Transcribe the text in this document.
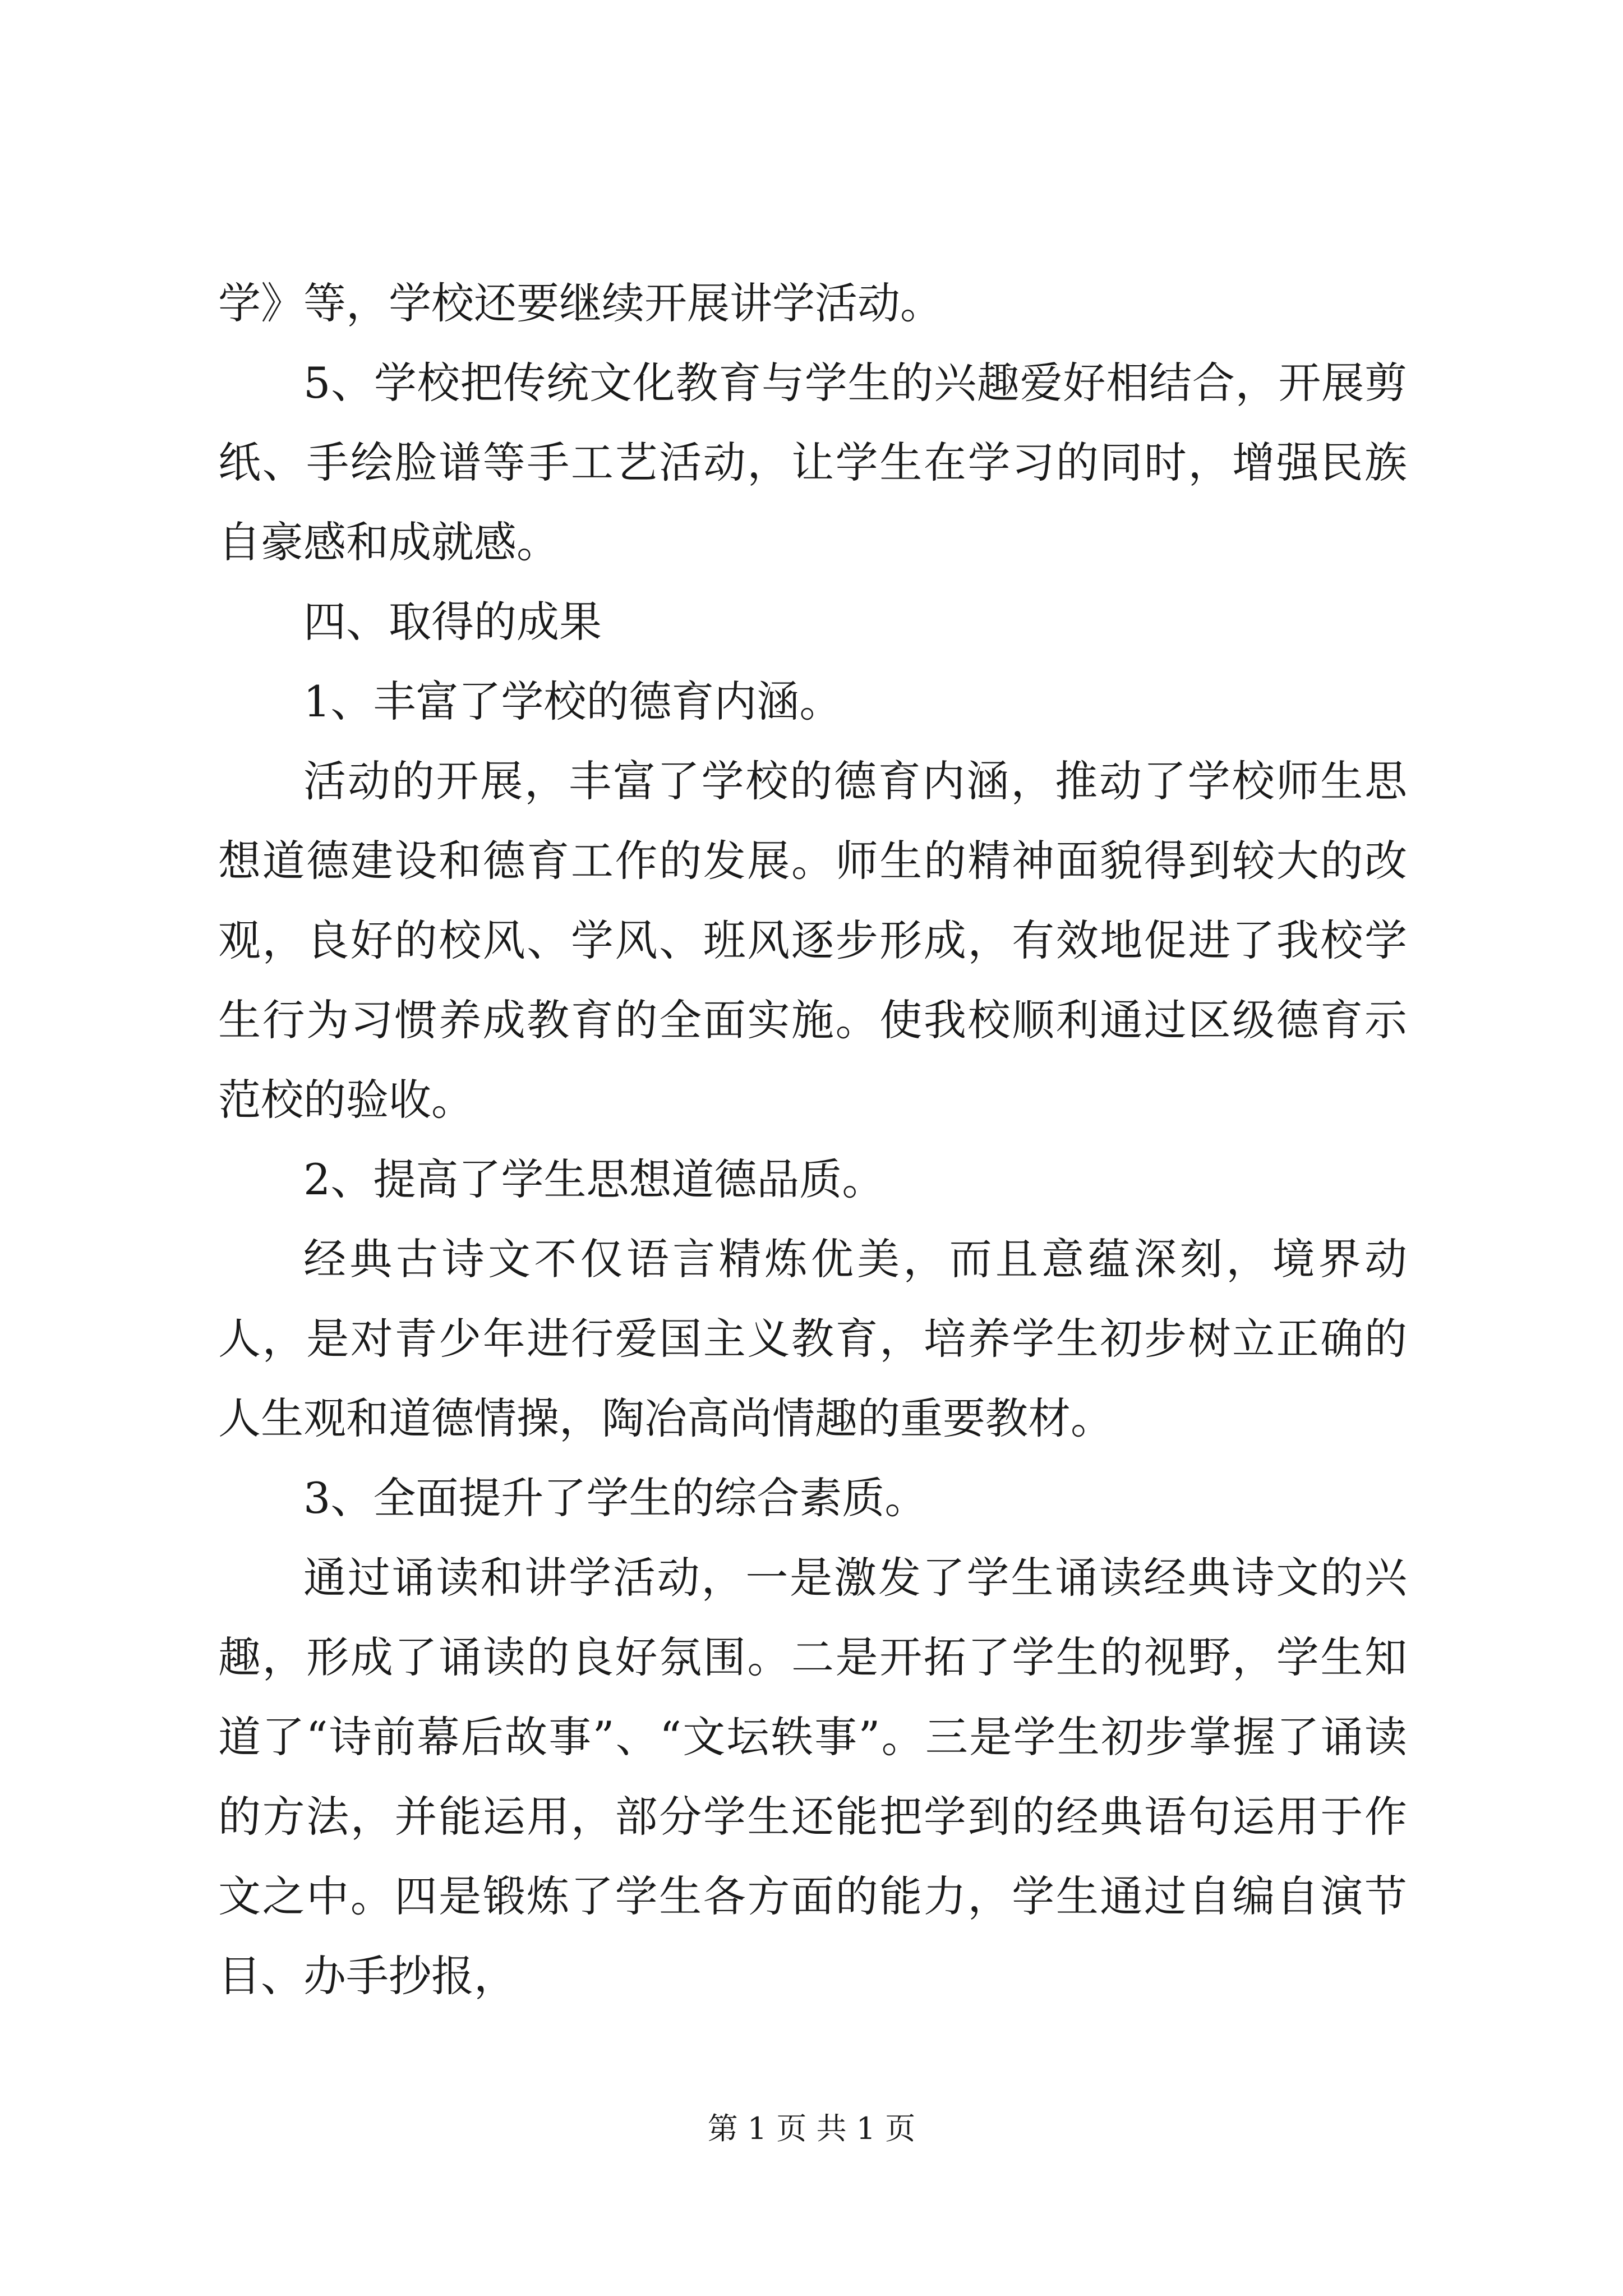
学》等，学校还要继续开展讲学活动。

5、学校把传统文化教育与学生的兴趣爱好相结合，开展剪纸、手绘脸谱等手工艺活动，让学生在学习的同时，增强民族自豪感和成就感。

四、取得的成果

1、丰富了学校的德育内涵。

活动的开展，丰富了学校的德育内涵，推动了学校师生思想道德建设和德育工作的发展。师生的精神面貌得到较大的改观，良好的校风、学风、班风逐步形成，有效地促进了我校学生行为习惯养成教育的全面实施。使我校顺利通过区级德育示范校的验收。

2、提高了学生思想道德品质。

经典古诗文不仅语言精炼优美，而且意蕴深刻，境界动人，是对青少年进行爱国主义教育，培养学生初步树立正确的人生观和道德情操，陶冶高尚情趣的重要教材。

3、全面提升了学生的综合素质。

通过诵读和讲学活动，一是激发了学生诵读经典诗文的兴趣，形成了诵读的良好氛围。二是开拓了学生的视野，学生知道了“诗前幕后故事”、“文坛轶事”。三是学生初步掌握了诵读的方法，并能运用，部分学生还能把学到的经典语句运用于作文之中。四是锻炼了学生各方面的能力，学生通过自编自演节目、办手抄报，

第 1 页 共 1 页
